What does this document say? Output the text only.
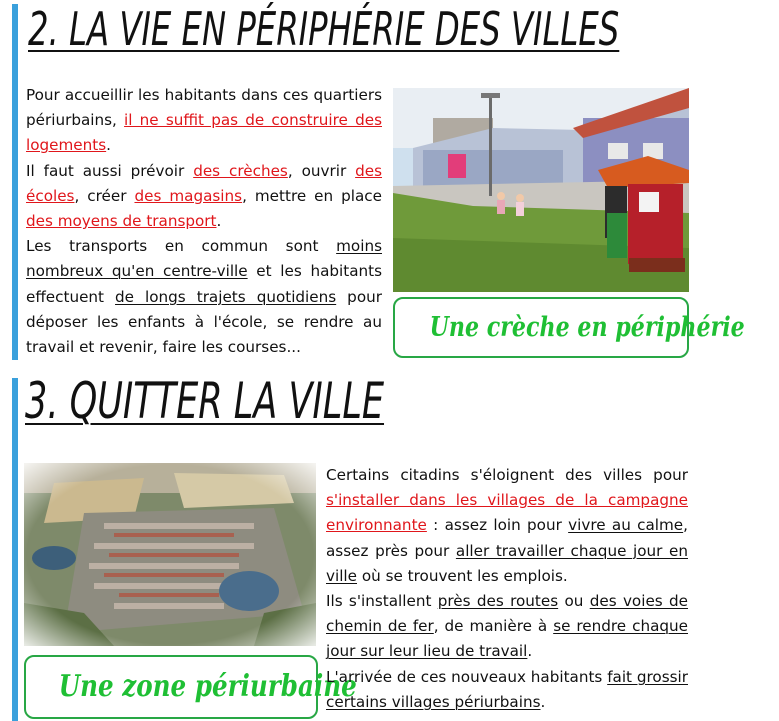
2. LA VIE EN PÉRIPHÉRIE DES VILLES

Pour accueillir les habitants dans ces quartiers périurbains, il ne suffit pas de construire des logements.

Il faut aussi prévoir des crèches, ouvrir des écoles, créer des magasins, mettre en place des moyens de transport.

Les transports en commun sont moins nombreux qu'en centre-ville et les habitants effectuent de longs trajets quotidiens pour déposer les enfants à l'école, se rendre au travail et revenir, faire les courses...

Une crèche en périphérie
3. QUITTER LA VILLE
Une zone périurbaine

Certains citadins s'éloignent des villes pour s'installer dans les villages de la campagne environnante : assez loin pour vivre au calme, assez près pour aller travailler chaque jour en ville où se trouvent les emplois.

Ils s'installent près des routes ou des voies de chemin de fer, de manière à se rendre chaque jour sur leur lieu de travail.

L'arrivée de ces nouveaux habitants fait grossir certains villages périurbains.
